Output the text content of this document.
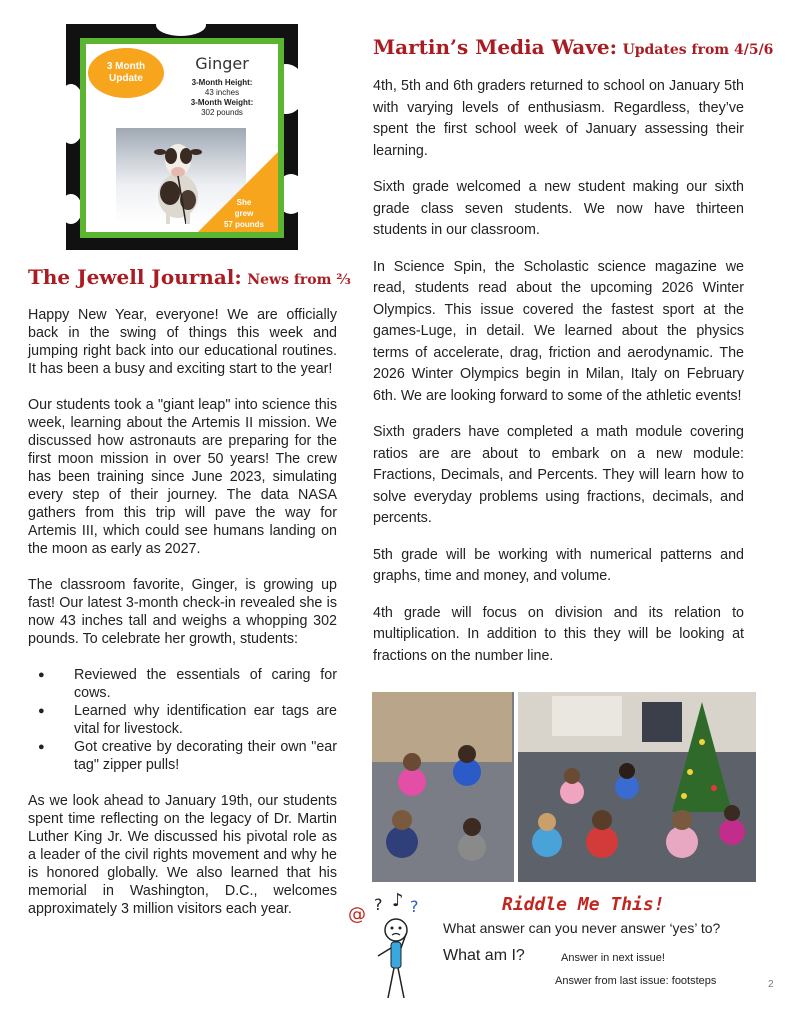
3 Month
Update
Ginger
3-Month Height:
43 inches
3-Month Weight:
302 pounds
She
grew
57 pounds
The Jewell Journal: News from ⅔

Happy New Year, everyone! We are officially back in the swing of things this week and jumping right back into our educational routines. It has been a busy and exciting start to the year!

Our students took a "giant leap" into science this week, learning about the Artemis II mission. We discussed how astronauts are preparing for the first moon mission in over 50 years! The crew has been training since June 2023, simulating every step of their journey. The data NASA gathers from this trip will pave the way for Artemis III, which could see humans landing on the moon as early as 2027.

The classroom favorite, Ginger, is growing up fast! Our latest 3-month check-in revealed she is now 43 inches tall and weighs a whopping 302 pounds. To celebrate her growth, students:

● Reviewed the essentials of caring for cows.
● Learned why identification ear tags are vital for livestock.
● Got creative by decorating their own "ear tag" zipper pulls!

As we look ahead to January 19th, our students spent time reflecting on the legacy of Dr. Martin Luther King Jr. We discussed his pivotal role as a leader of the civil rights movement and why he is honored globally. We also learned that his memorial in Washington, D.C., welcomes approximately 3 million visitors each year.

Martin’s Media Wave: Updates from 4/5/6

4th, 5th and 6th graders returned to school on January 5th with varying levels of enthusiasm. Regardless, they’ve spent the first school week of January assessing their learning.

Sixth grade welcomed a new student making our sixth grade class seven students. We now have thirteen students in our classroom.

In Science Spin, the Scholastic science magazine we read, students read about the upcoming 2026 Winter Olympics. This issue covered the fastest sport at the games-Luge, in detail. We learned about the physics terms of accelerate, drag, friction and aerodynamic. The 2026 Winter Olympics begin in Milan, Italy on February 6th. We are looking forward to some of the athletic events!

Sixth graders have completed a math module covering ratios are are about to embark on a new module: Fractions, Decimals, and Percents. They will learn how to solve everyday problems using fractions, decimals, and percents.

5th grade will be working with numerical patterns and graphs, time and money, and volume.

4th grade will focus on division and its relation to multiplication. In addition to this they will be looking at fractions on the number line.

@ ? ♪ ?	Riddle Me This!
What answer can you never answer ‘yes’ to?
What am I?	Answer in next issue!
Answer from last issue: footsteps	2
